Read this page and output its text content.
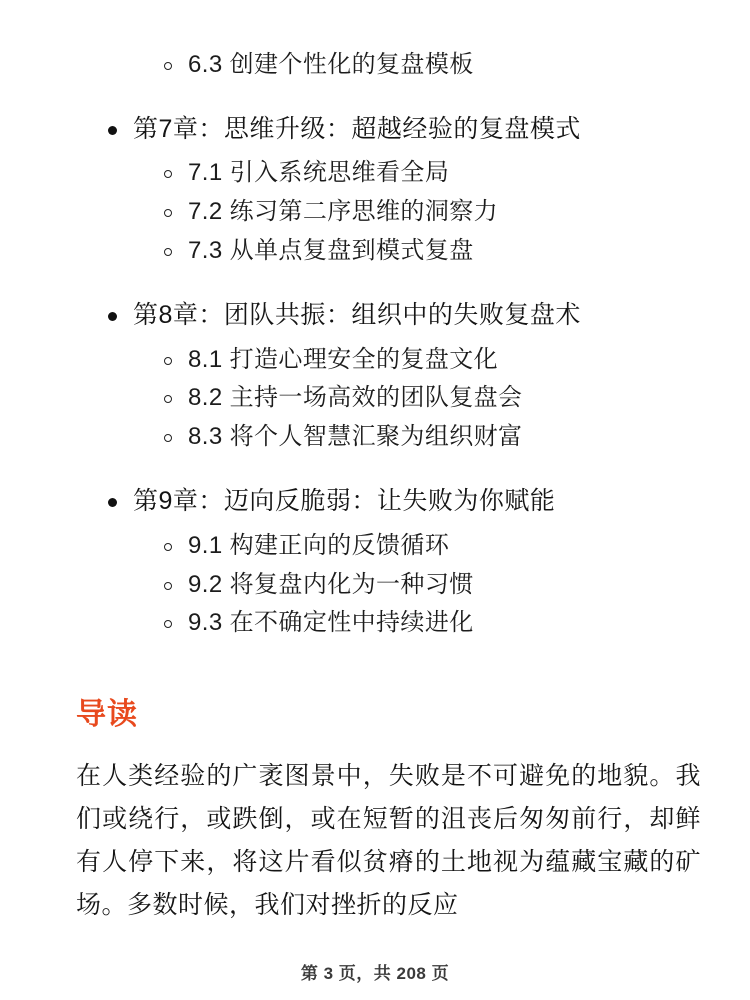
6.3 创建个性化的复盘模板
第7章：思维升级：超越经验的复盘模式
7.1 引入系统思维看全局
7.2 练习第二序思维的洞察力
7.3 从单点复盘到模式复盘
第8章：团队共振：组织中的失败复盘术
8.1 打造心理安全的复盘文化
8.2 主持一场高效的团队复盘会
8.3 将个人智慧汇聚为组织财富
第9章：迈向反脆弱：让失败为你赋能
9.1 构建正向的反馈循环
9.2 将复盘内化为一种习惯
9.3 在不确定性中持续进化
导读

在人类经验的广袤图景中，失败是不可避免的地貌。我们或绕行，或跌倒，或在短暂的沮丧后匆匆前行，却鲜有人停下来，将这片看似贫瘠的土地视为蕴藏宝藏的矿场。多数时候，我们对挫折的反应

第 3 页，共 208 页
